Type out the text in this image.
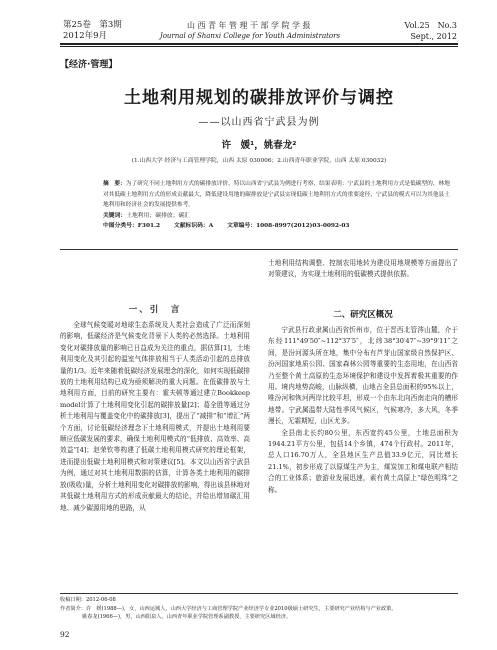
第25卷　第3期
2012年9月
山西青年管理干部学院学报
Journal of Shanxi College for Youth Administrators
Vol.25　No.3
Sept., 2012
【经济·管理】
土地利用规划的碳排放评价与调控
——以山西省宁武县为例
许　媛¹，姚春龙²
(1.山西大学 经济与工商管理学院，山西 太原 030006；2.山西青年职业学院，山西 太原 030032)
摘　要：为了研究不同土地利用方式的碳排放评价，特以山西省宁武县为例进行考察，结果表明：宁武县的土地利用方式是低碳型的，林地对其低碳土地利用方式的形成贡献最大，降低建设用地的碳排放是宁武县实现低碳土地利用方式的重要途径，宁武县的模式可以为其他县土地利用和经济社会的发展提供参考。
关键词：土地利用；碳排放；碳汇
中图分类号：F301.2 文献标识码：A 文章编号：1008-8997(2012)03-0092-03
一、引　言

全球气候变暖对地球生态系统及人类社会造成了广泛而深刻的影响，低碳经济是气候变化背景下人类的必然选择。土地利用变化对碳排放量的影响已日益成为关注的重点，据估算[1]，土地利用变化及其引起的温室气体排放相当于人类活动引起的总排放量的1/3。近年来随着低碳经济发展理念的深化，如何实现低碳排放的土地利用结构已成为亟须解决的重大问题。在低碳排放与土地利用方面，目前的研究主要有：霍夫顿等通过建立Bookkeep model计算了土地利用变化引起的碳排放量[2]；葛全胜等通过分析土地利用与覆盖变化中的碳排放[3]，提出了“减排”和“增汇”两个方面，讨论低碳经济理念下土地利用模式，并提出土地利用要顺应低碳发展的要求，确保土地利用模式的“低排放、高效率、高效益”[4]；赵荣钦等构建了低碳土地利用模式研究的理论框架，进而提出低碳土地利用模式和对策建议[5]。本文以山西省宁武县为例，通过对其土地利用数据的估算，计算各类土地利用的碳排放(吸收)量，分析土地利用变化对碳排放的影响，得出该县林地对其低碳土地利用方式的形成贡献最大的结论，并给出增加碳汇用地、减少碳源用地的思路，从

土地利用结构调整、控制农用地转为建设用地规模等方面提出了对策建议，为实现土地利用的低碳模式提供依据。

二、研究区概况

宁武县行政隶属山西省忻州市，位于晋西北管涔山麓，介于东经111°49′50″~112°37′5″，北纬38°30′47″~39°9′11″之间，是汾河源头所在地，集中分布有芦芽山国家级自然保护区、汾河国家地质公园、国家森林公园等重要的生态用地，在山西省乃至整个黄土高原的生态环境保护和建设中发挥着极其重要的作用。境内地势高峻，山脉纵横，山地占全县总面积的95%以上，唯汾河和恢河两岸比较平坦，形成一个由东北向西南走向的槽形地带。宁武属温带大陆性季风气候区，气候寒冷，多大风，冬季漫长，无霜期短，山区尤多。

全县南北长约80公里，东西宽约45公里，土地总面积为1944.21平方公里，包括14个乡镇，474个行政村。2011年，总人口16.70万人，全县地区生产总值33.9亿元，同比增长21.1%，初步形成了以原煤生产为主，煤炭加工和煤电联产相结合的工业体系；旅游业发展迅速，素有黄土高原上“绿色明珠”之称。

收稿日期：2012-06-08
作者简介：许　媛(1988—)，女，山西运城人，山西大学经济与工商管理学院产业经济学专业2010级硕士研究生，主要研究产业结构与产业政策。
姚春龙(1966—)，男，山西阳泉人，山西青年职业学院管理系副教授，主要研究区域经济。
92
